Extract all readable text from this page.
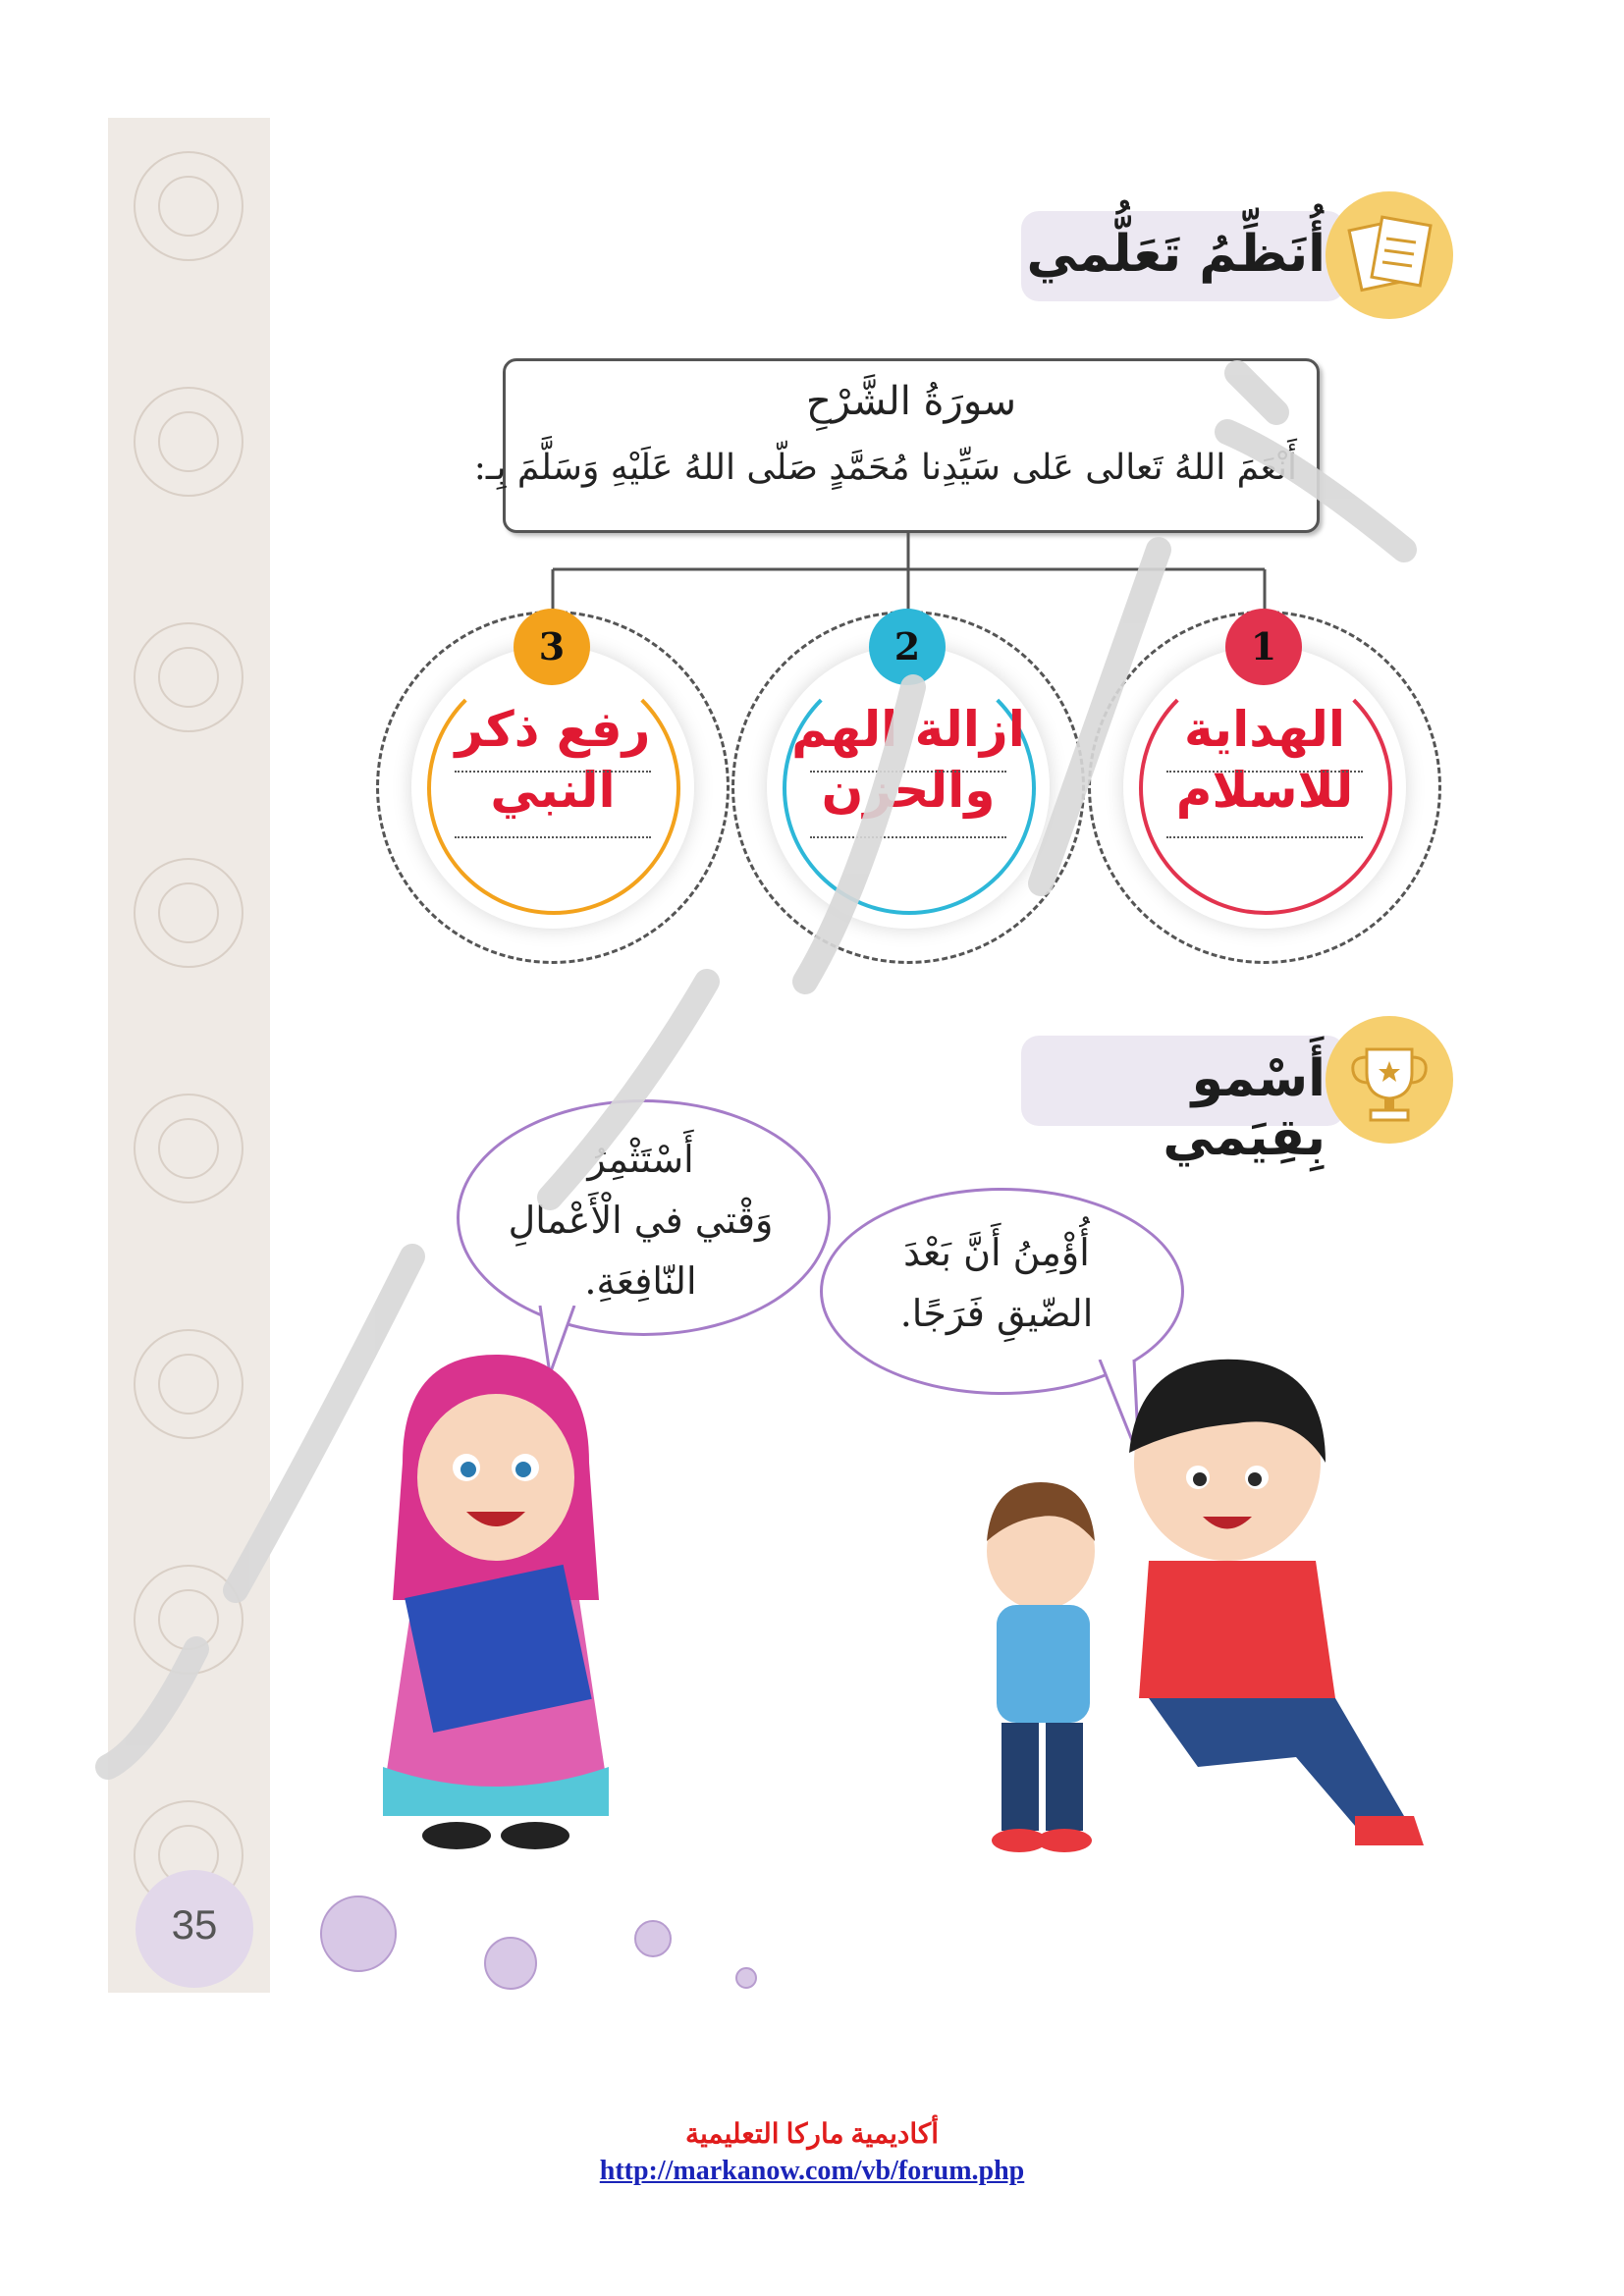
أُنَظِّمُ تَعَلُّمي
سورَةُ الشَّرْحِ
أَنْعَمَ اللهُ تَعالى عَلى سَيِّدِنا مُحَمَّدٍ صَلّى اللهُ عَلَيْهِ وَسَلَّمَ بِـ:
1
الهداية
للاسلام
2
ازالة الهم
والحزن
3
رفع ذكر
النبي
أَسْمو بِقِيَمي
أَسْتَثْمِرُ
وَقْتي في الْأَعْمالِ
النّافِعَةِ.
أُؤْمِنُ أَنَّ بَعْدَ
الضّيقِ فَرَجًا.
35
أكاديمية ماركا التعليمية
http://markanow.com/vb/forum.php
